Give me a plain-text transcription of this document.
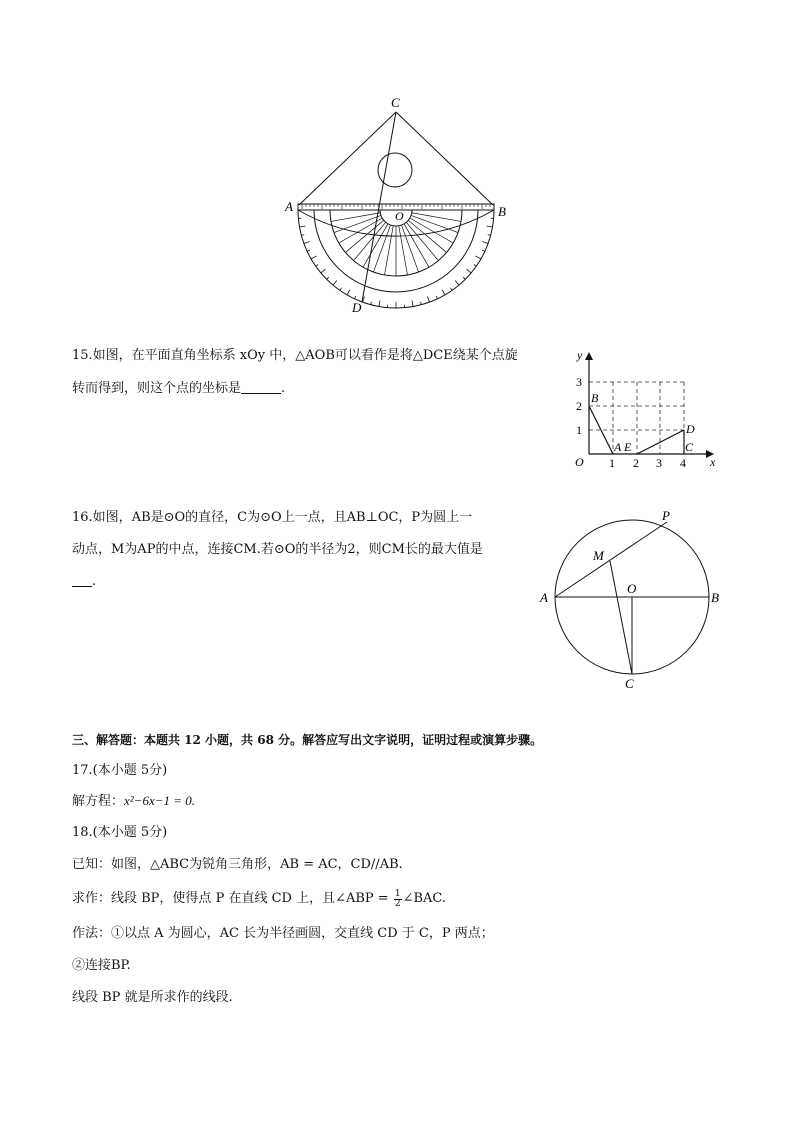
C
A	B
O
D
15.如图，在平面直角坐标系 xOy 中，△AOB可以看作是将△DCE绕某个点旋
转而得到，则这个点的坐标是	.
y
x
O
3
2
1
1 2 3 4
B
A E
D
C
16.如图，AB是⊙O的直径，C为⊙O上一点，且AB⊥OC，P为圆上一
动点，M为AP的中点，连接CM.若⊙O的半径为2，则CM长的最大值是
.
P
M
A
O
B
C
三、解答题：本题共 12 小题，共 68 分。解答应写出文字说明，证明过程或演算步骤。
17.(本小题 5分)
解方程：x²−6x−1 = 0.
18.(本小题 5分)
已知：如图，△ABC为锐角三角形，AB = AC，CD//AB.
求作：线段 BP，使得点 P 在直线 CD 上，且∠ABP = $\frac{1}{2}$ ∠BAC.
作法：①以点 A 为圆心，AC 长为半径画圆，交直线 CD 于 C，P 两点；
②连接BP.
线段 BP 就是所求作的线段.
